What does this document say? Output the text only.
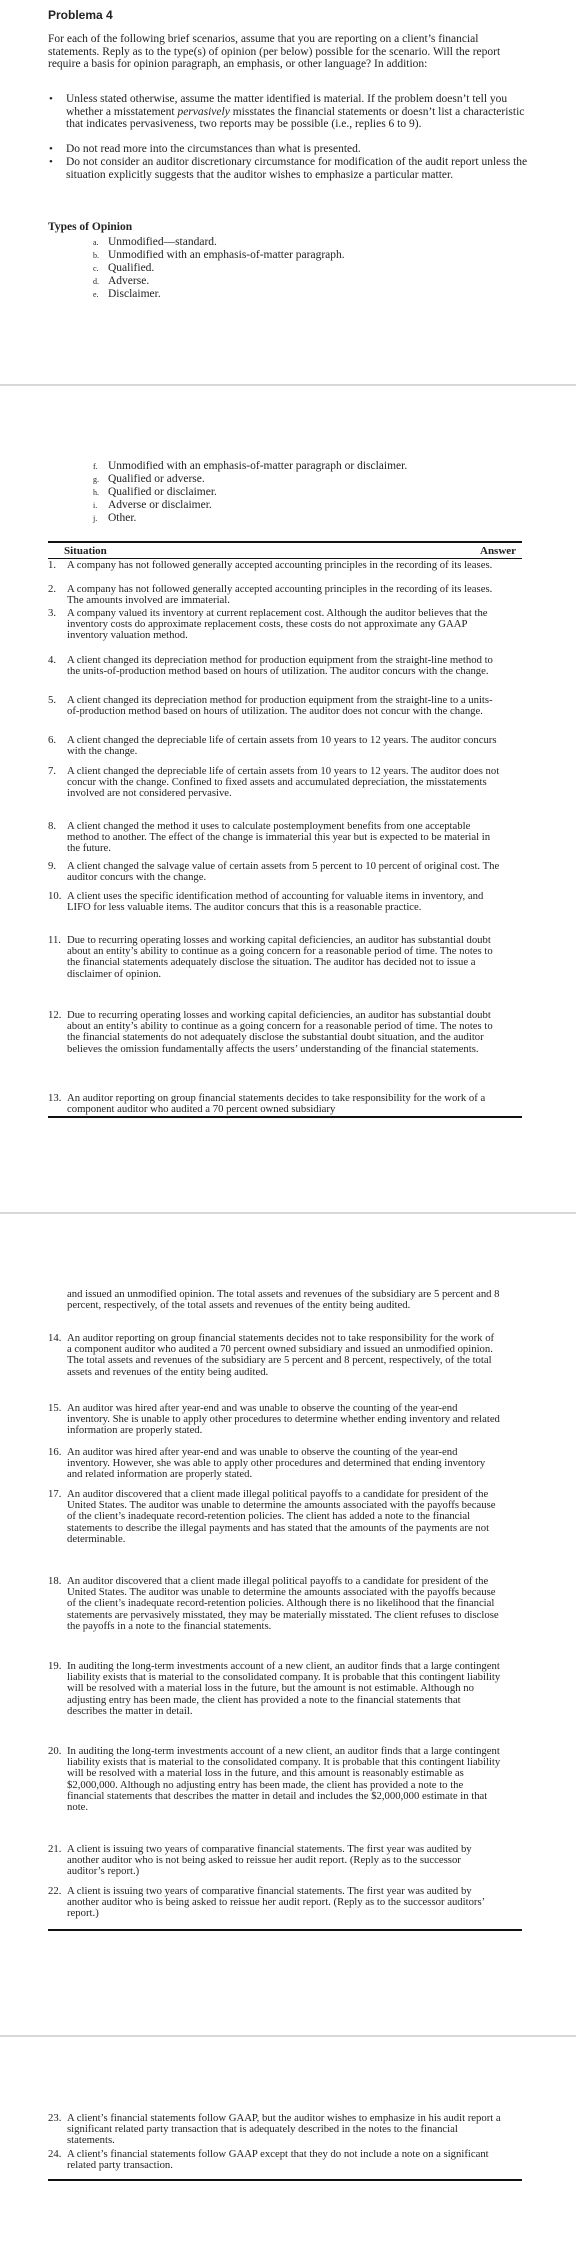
Problema 4
For each of the following brief scenarios, assume that you are reporting on a client’s financial statements. Reply as to the type(s) of opinion (per below) possible for the scenario. Will the report require a basis for opinion paragraph, an emphasis, or other language? In addition:
• Unless stated otherwise, assume the matter identified is material. If the problem doesn’t tell you whether a misstatement pervasively misstates the financial statements or doesn’t list a characteristic that indicates pervasiveness, two reports may be possible (i.e., replies 6 to 9).
• Do not read more into the circumstances than what is presented.
• Do not consider an auditor discretionary circumstance for modification of the audit report unless the situation explicitly suggests that the auditor wishes to emphasize a particular matter.
Types of Opinion
a. Unmodified—standard.
b. Unmodified with an emphasis-of-matter paragraph.
c. Qualified.
d. Adverse.
e. Disclaimer.
f. Unmodified with an emphasis-of-matter paragraph or disclaimer.
g. Qualified or adverse.
h. Qualified or disclaimer.
i. Adverse or disclaimer.
j. Other.
Situation	Answer
1. A company has not followed generally accepted accounting principles in the recording of its leases.
2. A company has not followed generally accepted accounting principles in the recording of its leases. The amounts involved are immaterial.
3. A company valued its inventory at current replacement cost. Although the auditor believes that the inventory costs do approximate replacement costs, these costs do not approximate any GAAP inventory valuation method.
4. A client changed its depreciation method for production equipment from the straight-line method to the units-of-production method based on hours of utilization. The auditor concurs with the change.
5. A client changed its depreciation method for production equipment from the straight-line to a units-of-production method based on hours of utilization. The auditor does not concur with the change.
6. A client changed the depreciable life of certain assets from 10 years to 12 years. The auditor concurs with the change.
7. A client changed the depreciable life of certain assets from 10 years to 12 years. The auditor does not concur with the change. Confined to fixed assets and accumulated depreciation, the misstatements involved are not considered pervasive.
8. A client changed the method it uses to calculate postemployment benefits from one acceptable method to another. The effect of the change is immaterial this year but is expected to be material in the future.
9. A client changed the salvage value of certain assets from 5 percent to 10 percent of original cost. The auditor concurs with the change.
10. A client uses the specific identification method of accounting for valuable items in inventory, and LIFO for less valuable items. The auditor concurs that this is a reasonable practice.
11. Due to recurring operating losses and working capital deficiencies, an auditor has substantial doubt about an entity’s ability to continue as a going concern for a reasonable period of time. The notes to the financial statements adequately disclose the situation. The auditor has decided not to issue a disclaimer of opinion.
12. Due to recurring operating losses and working capital deficiencies, an auditor has substantial doubt about an entity’s ability to continue as a going concern for a reasonable period of time. The notes to the financial statements do not adequately disclose the substantial doubt situation, and the auditor believes the omission fundamentally affects the users’ understanding of the financial statements.
13. An auditor reporting on group financial statements decides to take responsibility for the work of a component auditor who audited a 70 percent owned subsidiary
and issued an unmodified opinion. The total assets and revenues of the subsidiary are 5 percent and 8 percent, respectively, of the total assets and revenues of the entity being audited.
14. An auditor reporting on group financial statements decides not to take responsibility for the work of a component auditor who audited a 70 percent owned subsidiary and issued an unmodified opinion. The total assets and revenues of the subsidiary are 5 percent and 8 percent, respectively, of the total assets and revenues of the entity being audited.
15. An auditor was hired after year-end and was unable to observe the counting of the year-end inventory. She is unable to apply other procedures to determine whether ending inventory and related information are properly stated.
16. An auditor was hired after year-end and was unable to observe the counting of the year-end inventory. However, she was able to apply other procedures and determined that ending inventory and related information are properly stated.
17. An auditor discovered that a client made illegal political payoffs to a candidate for president of the United States. The auditor was unable to determine the amounts associated with the payoffs because of the client’s inadequate record-retention policies. The client has added a note to the financial statements to describe the illegal payments and has stated that the amounts of the payments are not determinable.
18. An auditor discovered that a client made illegal political payoffs to a candidate for president of the United States. The auditor was unable to determine the amounts associated with the payoffs because of the client’s inadequate record-retention policies. Although there is no likelihood that the financial statements are pervasively misstated, they may be materially misstated. The client refuses to disclose the payoffs in a note to the financial statements.
19. In auditing the long-term investments account of a new client, an auditor finds that a large contingent liability exists that is material to the consolidated company. It is probable that this contingent liability will be resolved with a material loss in the future, but the amount is not estimable. Although no adjusting entry has been made, the client has provided a note to the financial statements that describes the matter in detail.
20. In auditing the long-term investments account of a new client, an auditor finds that a large contingent liability exists that is material to the consolidated company. It is probable that this contingent liability will be resolved with a material loss in the future, and this amount is reasonably estimable as $2,000,000. Although no adjusting entry has been made, the client has provided a note to the financial statements that describes the matter in detail and includes the $2,000,000 estimate in that note.
21. A client is issuing two years of comparative financial statements. The first year was audited by another auditor who is not being asked to reissue her audit report. (Reply as to the successor auditor’s report.)
22. A client is issuing two years of comparative financial statements. The first year was audited by another auditor who is being asked to reissue her audit report. (Reply as to the successor auditors’ report.)
23. A client’s financial statements follow GAAP, but the auditor wishes to emphasize in his audit report a significant related party transaction that is adequately described in the notes to the financial statements.
24. A client’s financial statements follow GAAP except that they do not include a note on a significant related party transaction.
